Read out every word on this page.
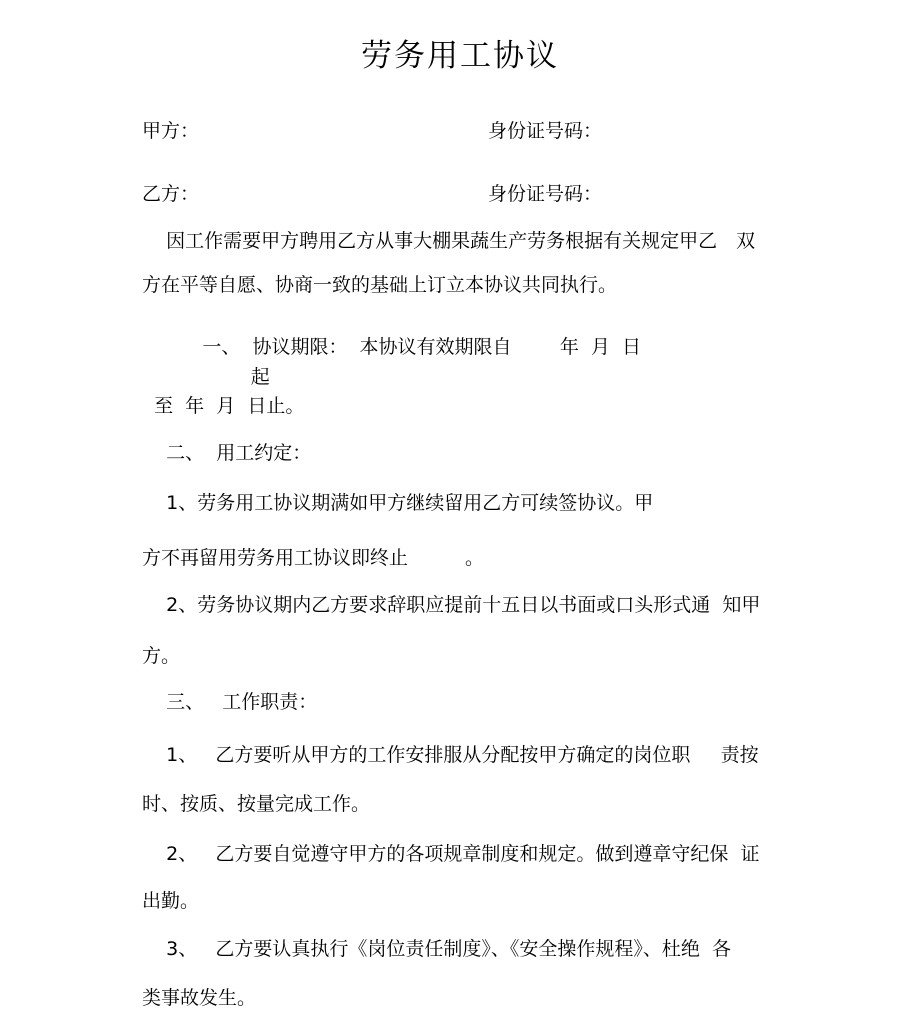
劳务用工协议
甲方：	身份证号码：
乙方：	身份证号码：
因工作需要甲方聘用乙方从事大棚果蔬生产劳务根据有关规定甲乙　双
方在平等自愿、协商一致的基础上订立本协议共同执行。
一、  协议期限：  本协议有效期限自        年  月  日
起
至  年  月  日止。
二、  用工约定：
1、劳务用工协议期满如甲方继续留用乙方可续签协议。甲
方不再留用劳务用工协议即终止　　　。
2、劳务协议期内乙方要求辞职应提前十五日以书面或口头形式通  知甲
方。
三、   工作职责：
1、   乙方要听从甲方的工作安排服从分配按甲方确定的岗位职     责按
时、按质、按量完成工作。
2、   乙方要自觉遵守甲方的各项规章制度和规定。做到遵章守纪保  证
出勤。
3、   乙方要认真执行《岗位责任制度》、《安全操作规程》、杜绝  各
类事故发生。
